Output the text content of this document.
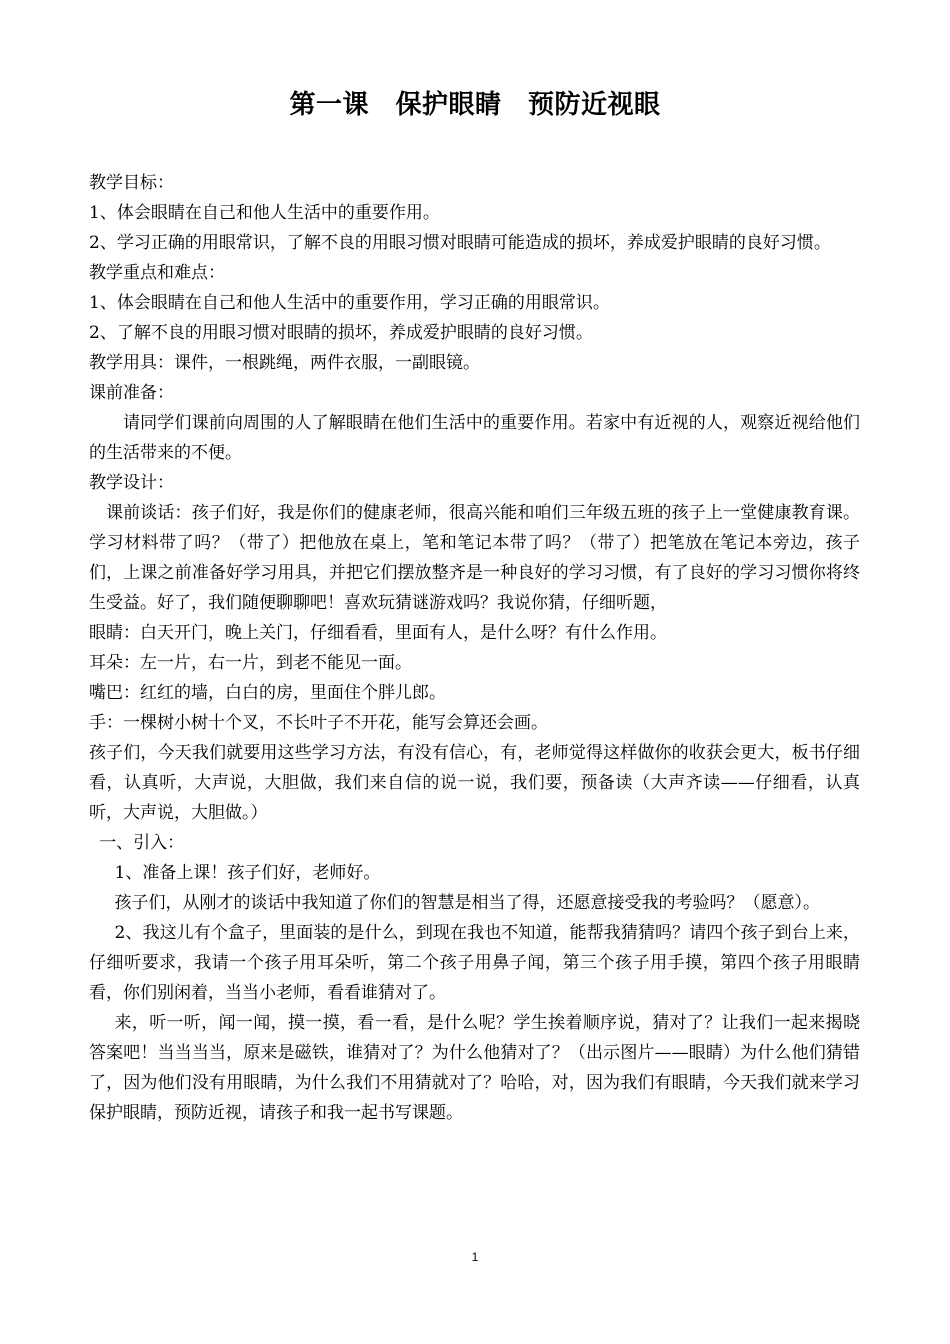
第一课　保护眼睛　预防近视眼

教学目标：

1、体会眼睛在自己和他人生活中的重要作用。

2、学习正确的用眼常识，了解不良的用眼习惯对眼睛可能造成的损坏，养成爱护眼睛的良好习惯。

教学重点和难点：

1、体会眼睛在自己和他人生活中的重要作用，学习正确的用眼常识。

2、了解不良的用眼习惯对眼睛的损坏，养成爱护眼睛的良好习惯。

教学用具：课件，一根跳绳，两件衣服，一副眼镜。

课前准备：

请同学们课前向周围的人了解眼睛在他们生活中的重要作用。若家中有近视的人，观察近视给他们的生活带来的不便。

教学设计：

课前谈话：孩子们好，我是你们的健康老师，很高兴能和咱们三年级五班的孩子上一堂健康教育课。学习材料带了吗？（带了）把他放在桌上，笔和笔记本带了吗？（带了）把笔放在笔记本旁边，孩子们，上课之前准备好学习用具，并把它们摆放整齐是一种良好的学习习惯，有了良好的学习习惯你将终生受益。好了，我们随便聊聊吧！喜欢玩猜谜游戏吗？我说你猜，仔细听题，

眼睛：白天开门，晚上关门，仔细看看，里面有人，是什么呀？有什么作用。

耳朵：左一片，右一片，到老不能见一面。

嘴巴：红红的墙，白白的房，里面住个胖儿郎。

手：一棵树小树十个叉，不长叶子不开花，能写会算还会画。

孩子们，今天我们就要用这些学习方法，有没有信心，有，老师觉得这样做你的收获会更大，板书仔细看，认真听，大声说，大胆做，我们来自信的说一说，我们要，预备读（大声齐读——仔细看，认真听，大声说，大胆做。）

一、引入：

1、准备上课！孩子们好，老师好。

孩子们，从刚才的谈话中我知道了你们的智慧是相当了得，还愿意接受我的考验吗？（愿意）。

2、我这儿有个盒子，里面装的是什么，到现在我也不知道，能帮我猜猜吗？请四个孩子到台上来，仔细听要求，我请一个孩子用耳朵听，第二个孩子用鼻子闻，第三个孩子用手摸，第四个孩子用眼睛看，你们别闲着，当当小老师，看看谁猜对了。

来，听一听，闻一闻，摸一摸，看一看，是什么呢？学生挨着顺序说，猜对了？让我们一起来揭晓答案吧！当当当当，原来是磁铁，谁猜对了？为什么他猜对了？（出示图片——眼睛）为什么他们猜错了，因为他们没有用眼睛，为什么我们不用猜就对了？哈哈，对，因为我们有眼睛，今天我们就来学习保护眼睛，预防近视，请孩子和我一起书写课题。

1
